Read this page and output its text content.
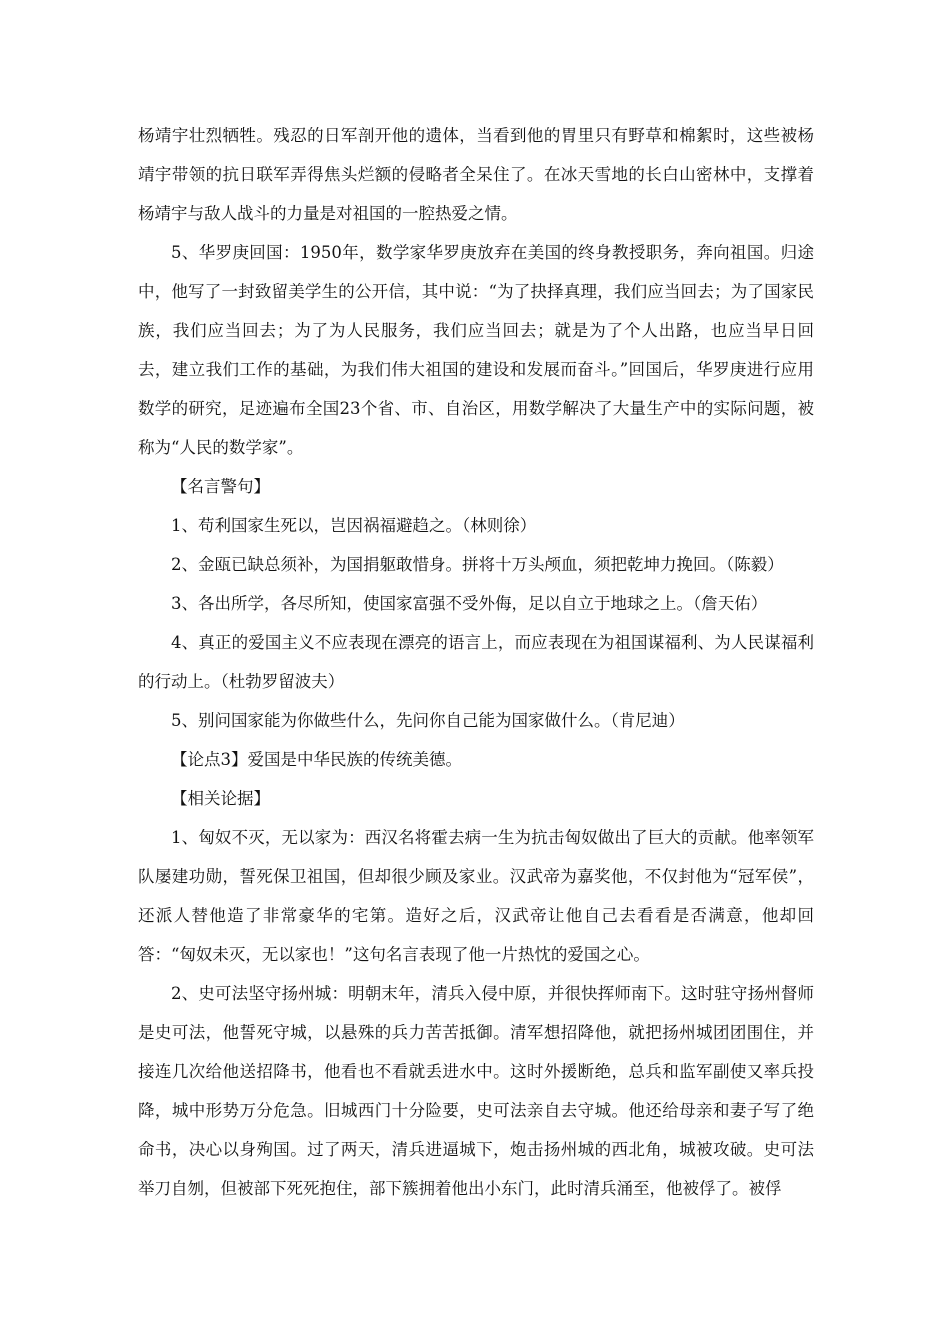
杨靖宇壮烈牺牲。残忍的日军剖开他的遗体，当看到他的胃里只有野草和棉絮时，这些被杨靖宇带领的抗日联军弄得焦头烂额的侵略者全呆住了。在冰天雪地的长白山密林中，支撑着杨靖宇与敌人战斗的力量是对祖国的一腔热爱之情。

5、华罗庚回国：1950年，数学家华罗庚放弃在美国的终身教授职务，奔向祖国。归途中，他写了一封致留美学生的公开信，其中说：“为了抉择真理，我们应当回去；为了国家民族，我们应当回去；为了为人民服务，我们应当回去；就是为了个人出路，也应当早日回去，建立我们工作的基础，为我们伟大祖国的建设和发展而奋斗。”回国后，华罗庚进行应用数学的研究，足迹遍布全国23个省、市、自治区，用数学解决了大量生产中的实际问题，被称为“人民的数学家”。

【名言警句】

1、苟利国家生死以，岂因祸福避趋之。（林则徐）

2、金瓯已缺总须补，为国捐躯敢惜身。拼将十万头颅血，须把乾坤力挽回。（陈毅）

3、各出所学，各尽所知，使国家富强不受外侮，足以自立于地球之上。（詹天佑）

4、真正的爱国主义不应表现在漂亮的语言上，而应表现在为祖国谋福利、为人民谋福利的行动上。（杜勃罗留波夫）

5、别问国家能为你做些什么，先问你自己能为国家做什么。（肯尼迪）

【论点3】爱国是中华民族的传统美德。

【相关论据】

1、匈奴不灭，无以家为：西汉名将霍去病一生为抗击匈奴做出了巨大的贡献。他率领军队屡建功勋，誓死保卫祖国，但却很少顾及家业。汉武帝为嘉奖他，不仅封他为“冠军侯”，还派人替他造了非常豪华的宅第。造好之后，汉武帝让他自己去看看是否满意，他却回答：“匈奴未灭，无以家也！”这句名言表现了他一片热忱的爱国之心。

2、史可法坚守扬州城：明朝末年，清兵入侵中原，并很快挥师南下。这时驻守扬州督师是史可法，他誓死守城，以悬殊的兵力苦苦抵御。清军想招降他，就把扬州城团团围住，并接连几次给他送招降书，他看也不看就丢进水中。这时外援断绝，总兵和监军副使又率兵投降，城中形势万分危急。旧城西门十分险要，史可法亲自去守城。他还给母亲和妻子写了绝命书，决心以身殉国。过了两天，清兵进逼城下，炮击扬州城的西北角，城被攻破。史可法举刀自刎，但被部下死死抱住，部下簇拥着他出小东门，此时清兵涌至，他被俘了。被俘
